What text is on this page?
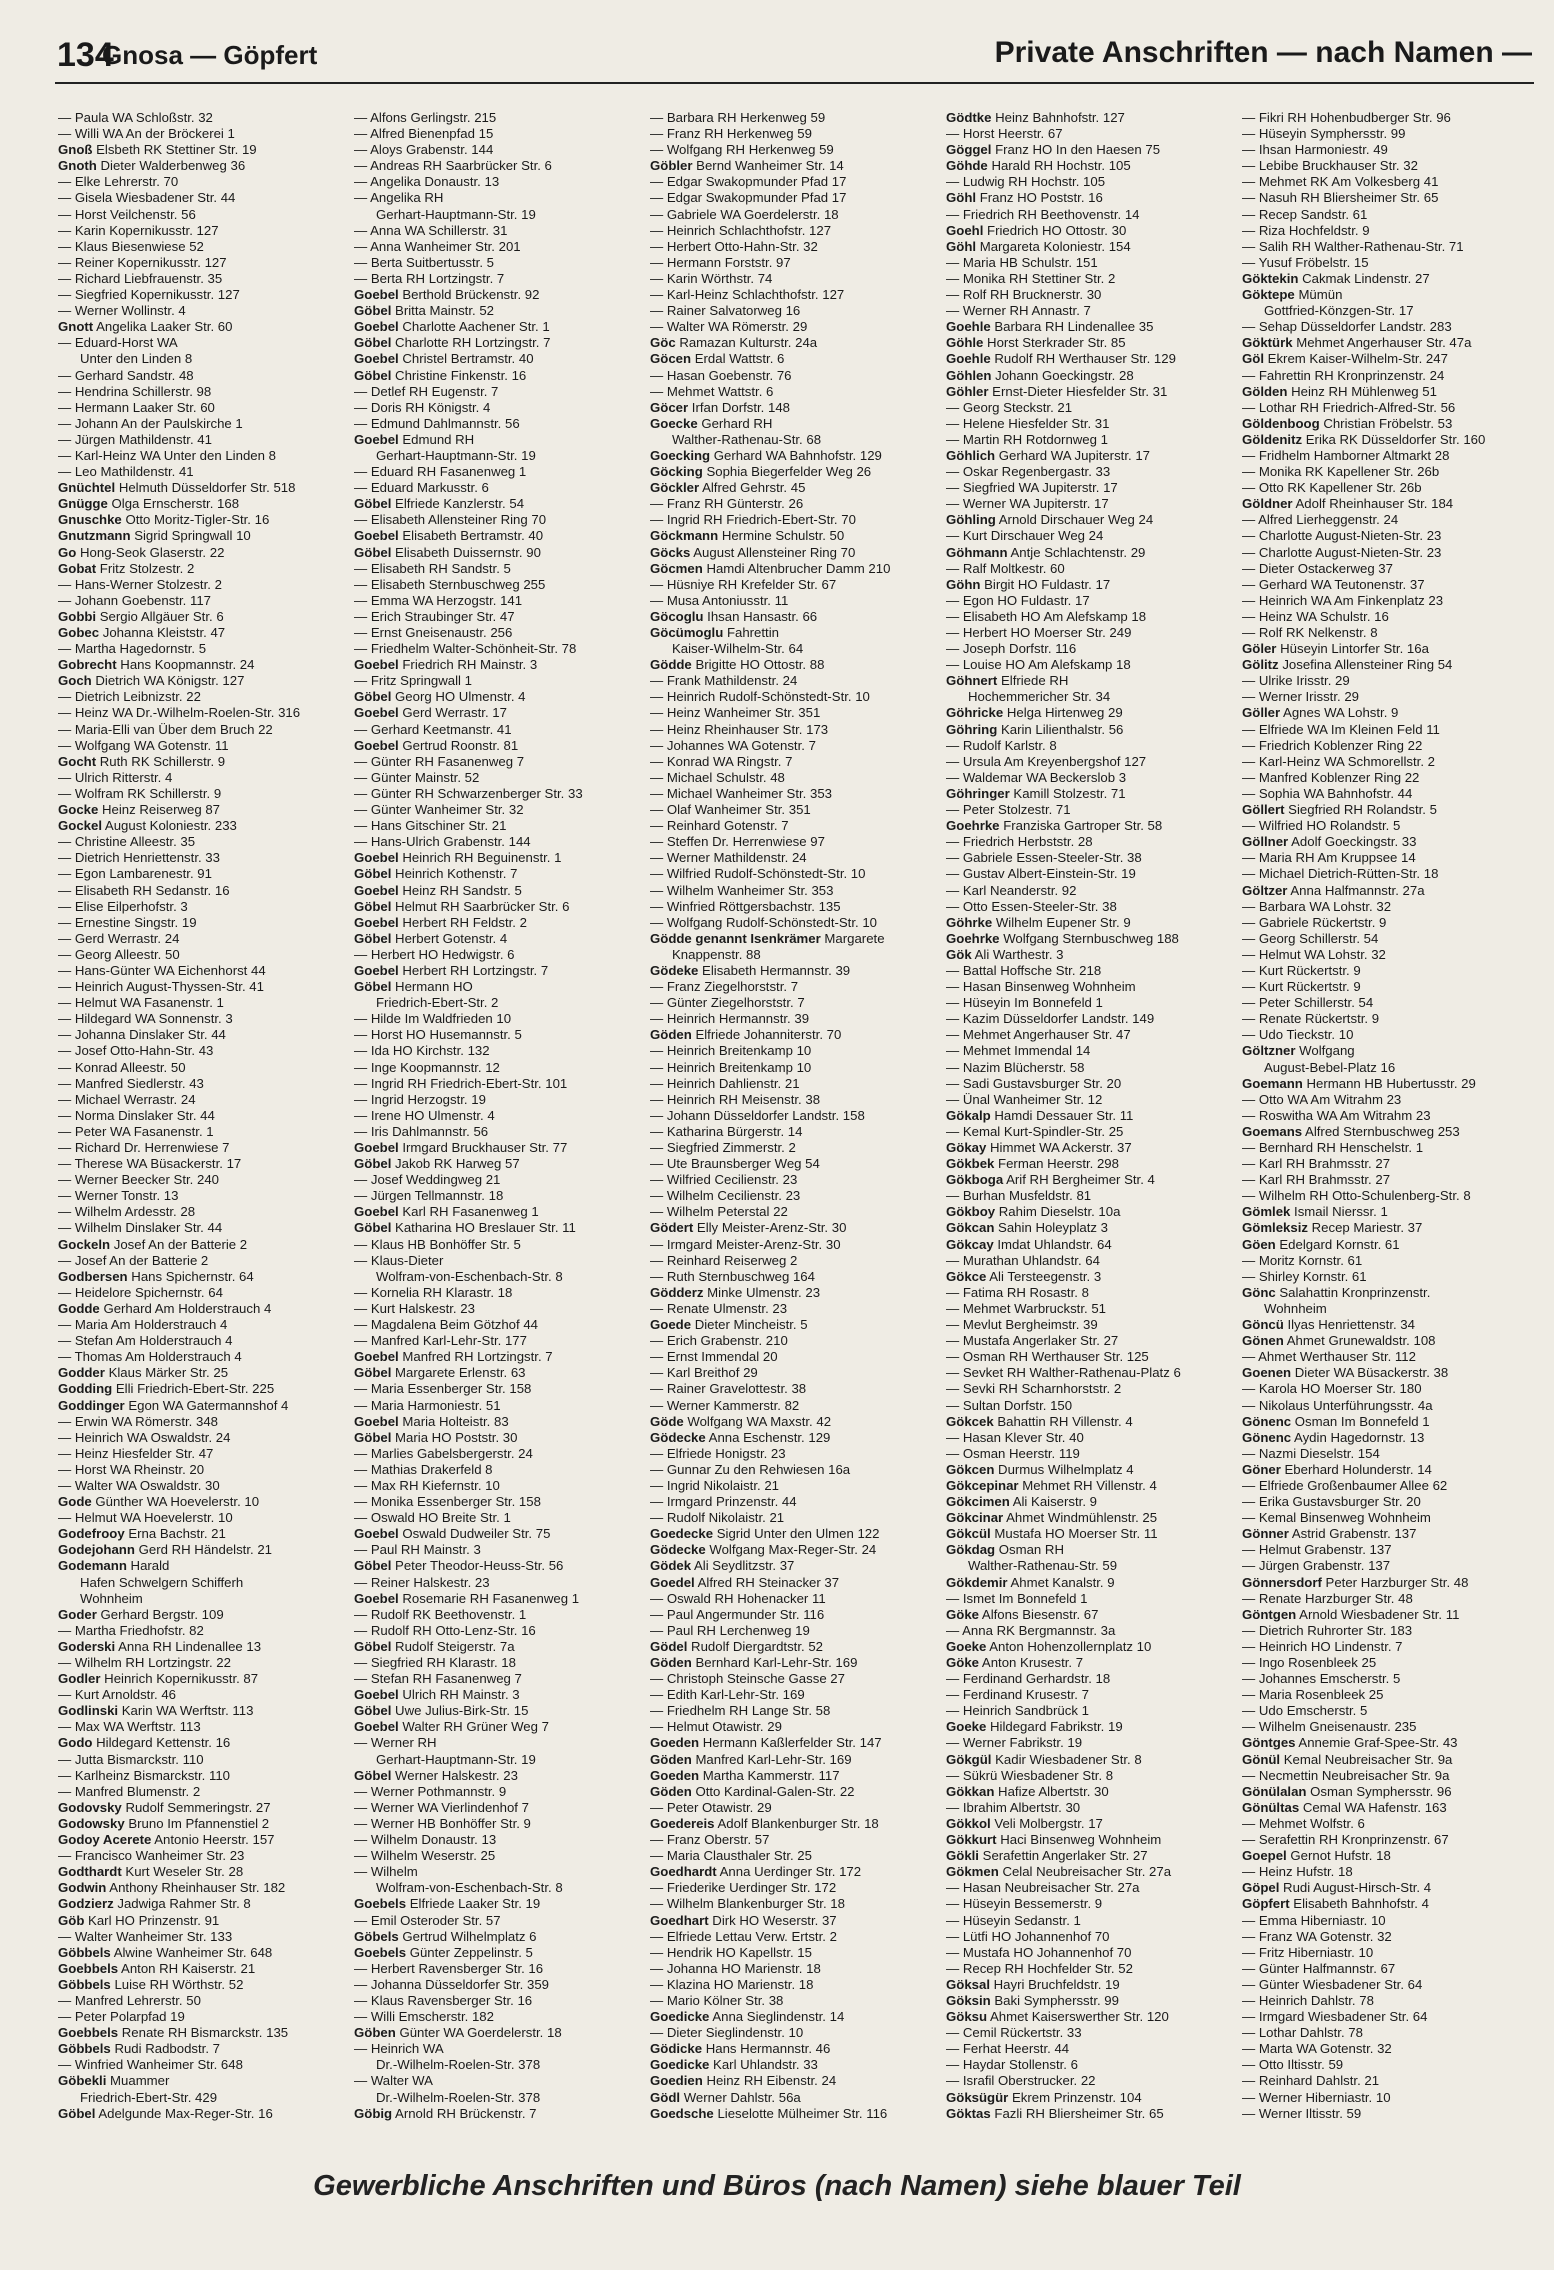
134
Gnosa — Göpfert	Private Anschriften — nach Namen —
— Paula WA Schloßstr. 32
— Willi WA An der Bröckerei 1
Gnoß Elsbeth RK Stettiner Str. 19
Gnoth Dieter Walderbenweg 36
— Elke Lehrerstr. 70
— Gisela Wiesbadener Str. 44
— Horst Veilchenstr. 56
— Karin Kopernikusstr. 127
— Klaus Biesenwiese 52
— Reiner Kopernikusstr. 127
— Richard Liebfrauenstr. 35
— Siegfried Kopernikusstr. 127
— Werner Wollinstr. 4
Gnott Angelika Laaker Str. 60
— Eduard-Horst WA
Unter den Linden 8
— Gerhard Sandstr. 48
— Hendrina Schillerstr. 98
— Hermann Laaker Str. 60
— Johann An der Paulskirche 1
— Jürgen Mathildenstr. 41
— Karl-Heinz WA Unter den Linden 8
— Leo Mathildenstr. 41
Gnüchtel Helmuth Düsseldorfer Str. 518
Gnügge Olga Ernscherstr. 168
Gnuschke Otto Moritz-Tigler-Str. 16
Gnutzmann Sigrid Springwall 10
Go Hong-Seok Glaserstr. 22
Gobat Fritz Stolzestr. 2
— Hans-Werner Stolzestr. 2
— Johann Goebenstr. 117
Gobbi Sergio Allgäuer Str. 6
Gobec Johanna Kleiststr. 47
— Martha Hagedornstr. 5
Gobrecht Hans Koopmannstr. 24
Goch Dietrich WA Königstr. 127
— Dietrich Leibnizstr. 22
— Heinz WA Dr.-Wilhelm-Roelen-Str. 316
— Maria-Elli van Über dem Bruch 22
— Wolfgang WA Gotenstr. 11
Gocht Ruth RK Schillerstr. 9
— Ulrich Ritterstr. 4
— Wolfram RK Schillerstr. 9
Gocke Heinz Reiserweg 87
Gockel August Koloniestr. 233
— Christine Alleestr. 35
— Dietrich Henriettenstr. 33
— Egon Lambarenestr. 91
— Elisabeth RH Sedanstr. 16
— Elise Eilperhofstr. 3
— Ernestine Singstr. 19
— Gerd Werrastr. 24
— Georg Alleestr. 50
— Hans-Günter WA Eichenhorst 44
— Heinrich August-Thyssen-Str. 41
— Helmut WA Fasanenstr. 1
— Hildegard WA Sonnenstr. 3
— Johanna Dinslaker Str. 44
— Josef Otto-Hahn-Str. 43
— Konrad Alleestr. 50
— Manfred Siedlerstr. 43
— Michael Werrastr. 24
— Norma Dinslaker Str. 44
— Peter WA Fasanenstr. 1
— Richard Dr. Herrenwiese 7
— Therese WA Büsackerstr. 17
— Werner Beecker Str. 240
— Werner Tonstr. 13
— Wilhelm Ardesstr. 28
— Wilhelm Dinslaker Str. 44
Gockeln Josef An der Batterie 2
— Josef An der Batterie 2
Godbersen Hans Spichernstr. 64
— Heidelore Spichernstr. 64
Godde Gerhard Am Holderstrauch 4
— Maria Am Holderstrauch 4
— Stefan Am Holderstrauch 4
— Thomas Am Holderstrauch 4
Godder Klaus Märker Str. 25
Godding Elli Friedrich-Ebert-Str. 225
Goddinger Egon WA Gatermannshof 4
— Erwin WA Römerstr. 348
— Heinrich WA Oswaldstr. 24
— Heinz Hiesfelder Str. 47
— Horst WA Rheinstr. 20
— Walter WA Oswaldstr. 30
Gode Günther WA Hoevelerstr. 10
— Helmut WA Hoevelerstr. 10
Godefrooy Erna Bachstr. 21
Godejohann Gerd RH Händelstr. 21
Godemann Harald
Hafen Schwelgern Schifferh
Wohnheim
Goder Gerhard Bergstr. 109
— Martha Friedhofstr. 82
Goderski Anna RH Lindenallee 13
— Wilhelm RH Lortzingstr. 22
Godler Heinrich Kopernikusstr. 87
— Kurt Arnoldstr. 46
Godlinski Karin WA Werftstr. 113
— Max WA Werftstr. 113
Godo Hildegard Kettenstr. 16
— Jutta Bismarckstr. 110
— Karlheinz Bismarckstr. 110
— Manfred Blumenstr. 2
Godovsky Rudolf Semmeringstr. 27
Godowsky Bruno Im Pfannenstiel 2
Godoy Acerete Antonio Heerstr. 157
— Francisco Wanheimer Str. 23
Godthardt Kurt Weseler Str. 28
Godwin Anthony Rheinhauser Str. 182
Godzierz Jadwiga Rahmer Str. 8
Göb Karl HO Prinzenstr. 91
— Walter Wanheimer Str. 133
Göbbels Alwine Wanheimer Str. 648
Goebbels Anton RH Kaiserstr. 21
Göbbels Luise RH Wörthstr. 52
— Manfred Lehrerstr. 50
— Peter Polarpfad 19
Goebbels Renate RH Bismarckstr. 135
Göbbels Rudi Radbodstr. 7
— Winfried Wanheimer Str. 648
Göbekli Muammer
Friedrich-Ebert-Str. 429
Göbel Adelgunde Max-Reger-Str. 16
— Alfons Gerlingstr. 215
— Alfred Bienenpfad 15
— Aloys Grabenstr. 144
— Andreas RH Saarbrücker Str. 6
— Angelika Donaustr. 13
— Angelika RH
Gerhart-Hauptmann-Str. 19
— Anna WA Schillerstr. 31
— Anna Wanheimer Str. 201
— Berta Suitbertusstr. 5
— Berta RH Lortzingstr. 7
Goebel Berthold Brückenstr. 92
Göbel Britta Mainstr. 52
Goebel Charlotte Aachener Str. 1
Göbel Charlotte RH Lortzingstr. 7
Goebel Christel Bertramstr. 40
Göbel Christine Finkenstr. 16
— Detlef RH Eugenstr. 7
— Doris RH Königstr. 4
— Edmund Dahlmannstr. 56
Goebel Edmund RH
Gerhart-Hauptmann-Str. 19
— Eduard RH Fasanenweg 1
— Eduard Markusstr. 6
Göbel Elfriede Kanzlerstr. 54
— Elisabeth Allensteiner Ring 70
Goebel Elisabeth Bertramstr. 40
Göbel Elisabeth Duissernstr. 90
— Elisabeth RH Sandstr. 5
— Elisabeth Sternbuschweg 255
— Emma WA Herzogstr. 141
— Erich Straubinger Str. 47
— Ernst Gneisenaustr. 256
— Friedhelm Walter-Schönheit-Str. 78
Goebel Friedrich RH Mainstr. 3
— Fritz Springwall 1
Göbel Georg HO Ulmenstr. 4
Goebel Gerd Werrastr. 17
— Gerhard Keetmanstr. 41
Goebel Gertrud Roonstr. 81
— Günter RH Fasanenweg 7
— Günter Mainstr. 52
— Günter RH Schwarzenberger Str. 33
— Günter Wanheimer Str. 32
— Hans Gitschiner Str. 21
— Hans-Ulrich Grabenstr. 144
Goebel Heinrich RH Beguinenstr. 1
Göbel Heinrich Kothenstr. 7
Goebel Heinz RH Sandstr. 5
Göbel Helmut RH Saarbrücker Str. 6
Goebel Herbert RH Feldstr. 2
Göbel Herbert Gotenstr. 4
— Herbert HO Hedwigstr. 6
Goebel Herbert RH Lortzingstr. 7
Göbel Hermann HO
Friedrich-Ebert-Str. 2
— Hilde Im Waldfrieden 10
— Horst HO Husemannstr. 5
— Ida HO Kirchstr. 132
— Inge Koopmannstr. 12
— Ingrid RH Friedrich-Ebert-Str. 101
— Ingrid Herzogstr. 19
— Irene HO Ulmenstr. 4
— Iris Dahlmannstr. 56
Goebel Irmgard Bruckhauser Str. 77
Göbel Jakob RK Harweg 57
— Josef Weddingweg 21
— Jürgen Tellmannstr. 18
Goebel Karl RH Fasanenweg 1
Göbel Katharina HO Breslauer Str. 11
— Klaus HB Bonhöffer Str. 5
— Klaus-Dieter
Wolfram-von-Eschenbach-Str. 8
— Kornelia RH Klarastr. 18
— Kurt Halskestr. 23
— Magdalena Beim Götzhof 44
— Manfred Karl-Lehr-Str. 177
Goebel Manfred RH Lortzingstr. 7
Göbel Margarete Erlenstr. 63
— Maria Essenberger Str. 158
— Maria Harmoniestr. 51
Goebel Maria Holteistr. 83
Göbel Maria HO Poststr. 30
— Marlies Gabelsbergerstr. 24
— Mathias Drakerfeld 8
— Max RH Kiefernstr. 10
— Monika Essenberger Str. 158
— Oswald HO Breite Str. 1
Goebel Oswald Dudweiler Str. 75
— Paul RH Mainstr. 3
Göbel Peter Theodor-Heuss-Str. 56
— Reiner Halskestr. 23
Goebel Rosemarie RH Fasanenweg 1
— Rudolf RK Beethovenstr. 1
— Rudolf RH Otto-Lenz-Str. 16
Göbel Rudolf Steigerstr. 7a
— Siegfried RH Klarastr. 18
— Stefan RH Fasanenweg 7
Goebel Ulrich RH Mainstr. 3
Göbel Uwe Julius-Birk-Str. 15
Goebel Walter RH Grüner Weg 7
— Werner RH
Gerhart-Hauptmann-Str. 19
Göbel Werner Halskestr. 23
— Werner Pothmannstr. 9
— Werner WA Vierlindenhof 7
— Werner HB Bonhöffer Str. 9
— Wilhelm Donaustr. 13
— Wilhelm Weserstr. 25
— Wilhelm
Wolfram-von-Eschenbach-Str. 8
Goebels Elfriede Laaker Str. 19
— Emil Osteroder Str. 57
Göbels Gertrud Wilhelmplatz 6
Goebels Günter Zeppelinstr. 5
— Herbert Ravensberger Str. 16
— Johanna Düsseldorfer Str. 359
— Klaus Ravensberger Str. 16
— Willi Emscherstr. 182
Göben Günter WA Goerdelerstr. 18
— Heinrich WA
Dr.-Wilhelm-Roelen-Str. 378
— Walter WA
Dr.-Wilhelm-Roelen-Str. 378
Göbig Arnold RH Brückenstr. 7
— Barbara RH Herkenweg 59
— Franz RH Herkenweg 59
— Wolfgang RH Herkenweg 59
Göbler Bernd Wanheimer Str. 14
— Edgar Swakopmunder Pfad 17
— Edgar Swakopmunder Pfad 17
— Gabriele WA Goerdelerstr. 18
— Heinrich Schlachthofstr. 127
— Herbert Otto-Hahn-Str. 32
— Hermann Forststr. 97
— Karin Wörthstr. 74
— Karl-Heinz Schlachthofstr. 127
— Rainer Salvatorweg 16
— Walter WA Römerstr. 29
Göc Ramazan Kulturstr. 24a
Göcen Erdal Wattstr. 6
— Hasan Goebenstr. 76
— Mehmet Wattstr. 6
Göcer Irfan Dorfstr. 148
Goecke Gerhard RH
Walther-Rathenau-Str. 68
Goecking Gerhard WA Bahnhofstr. 129
Göcking Sophia Biegerfelder Weg 26
Göckler Alfred Gehrstr. 45
— Franz RH Günterstr. 26
— Ingrid RH Friedrich-Ebert-Str. 70
Göckmann Hermine Schulstr. 50
Göcks August Allensteiner Ring 70
Göcmen Hamdi Altenbrucher Damm 210
— Hüsniye RH Krefelder Str. 67
— Musa Antoniusstr. 11
Göcoglu Ihsan Hansastr. 66
Göcümoglu Fahrettin
Kaiser-Wilhelm-Str. 64
Gödde Brigitte HO Ottostr. 88
— Frank Mathildenstr. 24
— Heinrich Rudolf-Schönstedt-Str. 10
— Heinz Wanheimer Str. 351
— Heinz Rheinhauser Str. 173
— Johannes WA Gotenstr. 7
— Konrad WA Ringstr. 7
— Michael Schulstr. 48
— Michael Wanheimer Str. 353
— Olaf Wanheimer Str. 351
— Reinhard Gotenstr. 7
— Steffen Dr. Herrenwiese 97
— Werner Mathildenstr. 24
— Wilfried Rudolf-Schönstedt-Str. 10
— Wilhelm Wanheimer Str. 353
— Winfried Röttgersbachstr. 135
— Wolfgang Rudolf-Schönstedt-Str. 10
Gödde genannt Isenkrämer Margarete
Knappenstr. 88
Gödeke Elisabeth Hermannstr. 39
— Franz Ziegelhorststr. 7
— Günter Ziegelhorststr. 7
— Heinrich Hermannstr. 39
Göden Elfriede Johanniterstr. 70
— Heinrich Breitenkamp 10
— Heinrich Breitenkamp 10
— Heinrich Dahlienstr. 21
— Heinrich RH Meisenstr. 38
— Johann Düsseldorfer Landstr. 158
— Katharina Bürgerstr. 14
— Siegfried Zimmerstr. 2
— Ute Braunsberger Weg 54
— Wilfried Cecilienstr. 23
— Wilhelm Cecilienstr. 23
— Wilhelm Peterstal 22
Gödert Elly Meister-Arenz-Str. 30
— Irmgard Meister-Arenz-Str. 30
— Reinhard Reiserweg 2
— Ruth Sternbuschweg 164
Gödderz Minke Ulmenstr. 23
— Renate Ulmenstr. 23
Goede Dieter Mincheistr. 5
— Erich Grabenstr. 210
— Ernst Immendal 20
— Karl Breithof 29
— Rainer Gravelottestr. 38
— Werner Kammerstr. 82
Göde Wolfgang WA Maxstr. 42
Gödecke Anna Eschenstr. 129
— Elfriede Honigstr. 23
— Gunnar Zu den Rehwiesen 16a
— Ingrid Nikolaistr. 21
— Irmgard Prinzenstr. 44
— Rudolf Nikolaistr. 21
Goedecke Sigrid Unter den Ulmen 122
Gödecke Wolfgang Max-Reger-Str. 24
Gödek Ali Seydlitzstr. 37
Goedel Alfred RH Steinacker 37
— Oswald RH Hohenacker 11
— Paul Angermunder Str. 116
— Paul RH Lerchenweg 19
Gödel Rudolf Diergardtstr. 52
Göden Bernhard Karl-Lehr-Str. 169
— Christoph Steinsche Gasse 27
— Edith Karl-Lehr-Str. 169
— Friedhelm RH Lange Str. 58
— Helmut Otawistr. 29
Goeden Hermann Kaßlerfelder Str. 147
Göden Manfred Karl-Lehr-Str. 169
Goeden Martha Kammerstr. 117
Göden Otto Kardinal-Galen-Str. 22
— Peter Otawistr. 29
Goedereis Adolf Blankenburger Str. 18
— Franz Oberstr. 57
— Maria Clausthaler Str. 25
Goedhardt Anna Uerdinger Str. 172
— Friederike Uerdinger Str. 172
— Wilhelm Blankenburger Str. 18
Goedhart Dirk HO Weserstr. 37
— Elfriede Lettau Verw. Ertstr. 2
— Hendrik HO Kapellstr. 15
— Johanna HO Marienstr. 18
— Klazina HO Marienstr. 18
— Mario Kölner Str. 38
Goedicke Anna Sieglindenstr. 14
— Dieter Sieglindenstr. 10
Gödicke Hans Hermannstr. 46
Goedicke Karl Uhlandstr. 33
Goedien Heinz RH Eibenstr. 24
Gödl Werner Dahlstr. 56a
Goedsche Lieselotte Mülheimer Str. 116
Gödtke Heinz Bahnhofstr. 127
— Horst Heerstr. 67
Göggel Franz HO In den Haesen 75
Göhde Harald RH Hochstr. 105
— Ludwig RH Hochstr. 105
Göhl Franz HO Poststr. 16
— Friedrich RH Beethovenstr. 14
Goehl Friedrich HO Ottostr. 30
Göhl Margareta Koloniestr. 154
— Maria HB Schulstr. 151
— Monika RH Stettiner Str. 2
— Rolf RH Brucknerstr. 30
— Werner RH Annastr. 7
Goehle Barbara RH Lindenallee 35
Göhle Horst Sterkrader Str. 85
Goehle Rudolf RH Werthauser Str. 129
Göhlen Johann Goeckingstr. 28
Göhler Ernst-Dieter Hiesfelder Str. 31
— Georg Steckstr. 21
— Helene Hiesfelder Str. 31
— Martin RH Rotdornweg 1
Göhlich Gerhard WA Jupiterstr. 17
— Oskar Regenbergastr. 33
— Siegfried WA Jupiterstr. 17
— Werner WA Jupiterstr. 17
Göhling Arnold Dirschauer Weg 24
— Kurt Dirschauer Weg 24
Göhmann Antje Schlachtenstr. 29
— Ralf Moltkestr. 60
Göhn Birgit HO Fuldastr. 17
— Egon HO Fuldastr. 17
— Elisabeth HO Am Alefskamp 18
— Herbert HO Moerser Str. 249
— Joseph Dorfstr. 116
— Louise HO Am Alefskamp 18
Göhnert Elfriede RH
Hochemmericher Str. 34
Göhricke Helga Hirtenweg 29
Göhring Karin Lilienthalstr. 56
— Rudolf Karlstr. 8
— Ursula Am Kreyenbergshof 127
— Waldemar WA Beckerslob 3
Göhringer Kamill Stolzestr. 71
— Peter Stolzestr. 71
Goehrke Franziska Gartroper Str. 58
— Friedrich Herbststr. 28
— Gabriele Essen-Steeler-Str. 38
— Gustav Albert-Einstein-Str. 19
— Karl Neanderstr. 92
— Otto Essen-Steeler-Str. 38
Göhrke Wilhelm Eupener Str. 9
Goehrke Wolfgang Sternbuschweg 188
Gök Ali Warthestr. 3
— Battal Hoffsche Str. 218
— Hasan Binsenweg Wohnheim
— Hüseyin Im Bonnefeld 1
— Kazim Düsseldorfer Landstr. 149
— Mehmet Angerhauser Str. 47
— Mehmet Immendal 14
— Nazim Blücherstr. 58
— Sadi Gustavsburger Str. 20
— Ünal Wanheimer Str. 12
Gökalp Hamdi Dessauer Str. 11
— Kemal Kurt-Spindler-Str. 25
Gökay Himmet WA Ackerstr. 37
Gökbek Ferman Heerstr. 298
Gökboga Arif RH Bergheimer Str. 4
— Burhan Musfeldstr. 81
Gökboy Rahim Dieselstr. 10a
Gökcan Sahin Holeyplatz 3
Gökcay Imdat Uhlandstr. 64
— Murathan Uhlandstr. 64
Gökce Ali Tersteegenstr. 3
— Fatima RH Rosastr. 8
— Mehmet Warbruckstr. 51
— Mevlut Bergheimstr. 39
— Mustafa Angerlaker Str. 27
— Osman RH Werthauser Str. 125
— Sevket RH Walther-Rathenau-Platz 6
— Sevki RH Scharnhorststr. 2
— Sultan Dorfstr. 150
Gökcek Bahattin RH Villenstr. 4
— Hasan Klever Str. 40
— Osman Heerstr. 119
Gökcen Durmus Wilhelmplatz 4
Gökcepinar Mehmet RH Villenstr. 4
Gökcimen Ali Kaiserstr. 9
Gökcinar Ahmet Windmühlenstr. 25
Gökcül Mustafa HO Moerser Str. 11
Gökdag Osman RH
Walther-Rathenau-Str. 59
Gökdemir Ahmet Kanalstr. 9
— Ismet Im Bonnefeld 1
Göke Alfons Biesenstr. 67
— Anna RK Bergmannstr. 3a
Goeke Anton Hohenzollernplatz 10
Göke Anton Krusestr. 7
— Ferdinand Gerhardstr. 18
— Ferdinand Krusestr. 7
— Heinrich Sandbrück 1
Goeke Hildegard Fabrikstr. 19
— Werner Fabrikstr. 19
Gökgül Kadir Wiesbadener Str. 8
— Sükrü Wiesbadener Str. 8
Gökkan Hafize Albertstr. 30
— Ibrahim Albertstr. 30
Gökkol Veli Molbergstr. 17
Gökkurt Haci Binsenweg Wohnheim
Gökli Serafettin Angerlaker Str. 27
Gökmen Celal Neubreisacher Str. 27a
— Hasan Neubreisacher Str. 27a
— Hüseyin Bessemerstr. 9
— Hüseyin Sedanstr. 1
— Lütfi HO Johannenhof 70
— Mustafa HO Johannenhof 70
— Recep RH Hochfelder Str. 52
Göksal Hayri Bruchfeldstr. 19
Göksin Baki Symphersstr. 99
Göksu Ahmet Kaiserswerther Str. 120
— Cemil Rückertstr. 33
— Ferhat Heerstr. 44
— Haydar Stollenstr. 6
— Israfil Oberstrucker. 22
Göksügür Ekrem Prinzenstr. 104
Göktas Fazli RH Bliersheimer Str. 65
— Fikri RH Hohenbudberger Str. 96
— Hüseyin Symphersstr. 99
— Ihsan Harmoniestr. 49
— Lebibe Bruckhauser Str. 32
— Mehmet RK Am Volkesberg 41
— Nasuh RH Bliersheimer Str. 65
— Recep Sandstr. 61
— Riza Hochfeldstr. 9
— Salih RH Walther-Rathenau-Str. 71
— Yusuf Fröbelstr. 15
Göktekin Cakmak Lindenstr. 27
Göktepe Mümün
Gottfried-Könzgen-Str. 17
— Sehap Düsseldorfer Landstr. 283
Göktürk Mehmet Angerhauser Str. 47a
Göl Ekrem Kaiser-Wilhelm-Str. 247
— Fahrettin RH Kronprinzenstr. 24
Gölden Heinz RH Mühlenweg 51
— Lothar RH Friedrich-Alfred-Str. 56
Göldenboog Christian Fröbelstr. 53
Göldenitz Erika RK Düsseldorfer Str. 160
— Fridhelm Hamborner Altmarkt 28
— Monika RK Kapellener Str. 26b
— Otto RK Kapellener Str. 26b
Göldner Adolf Rheinhauser Str. 184
— Alfred Lierheggenstr. 24
— Charlotte August-Nieten-Str. 23
— Charlotte August-Nieten-Str. 23
— Dieter Ostackerweg 37
— Gerhard WA Teutonenstr. 37
— Heinrich WA Am Finkenplatz 23
— Heinz WA Schulstr. 16
— Rolf RK Nelkenstr. 8
Göler Hüseyin Lintorfer Str. 16a
Gölitz Josefina Allensteiner Ring 54
— Ulrike Irisstr. 29
— Werner Irisstr. 29
Göller Agnes WA Lohstr. 9
— Elfriede WA Im Kleinen Feld 11
— Friedrich Koblenzer Ring 22
— Karl-Heinz WA Schmorellstr. 2
— Manfred Koblenzer Ring 22
— Sophia WA Bahnhofstr. 44
Göllert Siegfried RH Rolandstr. 5
— Wilfried HO Rolandstr. 5
Göllner Adolf Goeckingstr. 33
— Maria RH Am Kruppsee 14
— Michael Dietrich-Rütten-Str. 18
Göltzer Anna Halfmannstr. 27a
— Barbara WA Lohstr. 32
— Gabriele Rückertstr. 9
— Georg Schillerstr. 54
— Helmut WA Lohstr. 32
— Kurt Rückertstr. 9
— Kurt Rückertstr. 9
— Peter Schillerstr. 54
— Renate Rückertstr. 9
— Udo Tieckstr. 10
Göltzner Wolfgang
August-Bebel-Platz 16
Goemann Hermann HB Hubertusstr. 29
— Otto WA Am Witrahm 23
— Roswitha WA Am Witrahm 23
Goemans Alfred Sternbuschweg 253
— Bernhard RH Henschelstr. 1
— Karl RH Brahmsstr. 27
— Karl RH Brahmsstr. 27
— Wilhelm RH Otto-Schulenberg-Str. 8
Gömlek Ismail Nierssr. 1
Gömleksiz Recep Mariestr. 37
Göen Edelgard Kornstr. 61
— Moritz Kornstr. 61
— Shirley Kornstr. 61
Gönc Salahattin Kronprinzenstr.
Wohnheim
Göncü Ilyas Henriettenstr. 34
Gönen Ahmet Grunewaldstr. 108
— Ahmet Werthauser Str. 112
Goenen Dieter WA Büsackerstr. 38
— Karola HO Moerser Str. 180
— Nikolaus Unterführungsstr. 4a
Gönenc Osman Im Bonnefeld 1
Gönenc Aydin Hagedornstr. 13
— Nazmi Dieselstr. 154
Göner Eberhard Holunderstr. 14
— Elfriede Großenbaumer Allee 62
— Erika Gustavsburger Str. 20
— Kemal Binsenweg Wohnheim
Gönner Astrid Grabenstr. 137
— Helmut Grabenstr. 137
— Jürgen Grabenstr. 137
Gönnersdorf Peter Harzburger Str. 48
— Renate Harzburger Str. 48
Göntgen Arnold Wiesbadener Str. 11
— Dietrich Ruhrorter Str. 183
— Heinrich HO Lindenstr. 7
— Ingo Rosenbleek 25
— Johannes Emscherstr. 5
— Maria Rosenbleek 25
— Udo Emscherstr. 5
— Wilhelm Gneisenaustr. 235
Göntges Annemie Graf-Spee-Str. 43
Gönül Kemal Neubreisacher Str. 9a
— Necmettin Neubreisacher Str. 9a
Gönülalan Osman Symphersstr. 96
Gönültas Cemal WA Hafenstr. 163
— Mehmet Wolfstr. 6
— Serafettin RH Kronprinzenstr. 67
Goepel Gernot Hufstr. 18
— Heinz Hufstr. 18
Göpel Rudi August-Hirsch-Str. 4
Göpfert Elisabeth Bahnhofstr. 4
— Emma Hiberniastr. 10
— Franz WA Gotenstr. 32
— Fritz Hiberniastr. 10
— Günter Halfmannstr. 67
— Günter Wiesbadener Str. 64
— Heinrich Dahlstr. 78
— Irmgard Wiesbadener Str. 64
— Lothar Dahlstr. 78
— Marta WA Gotenstr. 32
— Otto Iltisstr. 59
— Reinhard Dahlstr. 21
— Werner Hiberniastr. 10
— Werner Iltisstr. 59
Gewerbliche Anschriften und Büros (nach Namen) siehe blauer Teil
